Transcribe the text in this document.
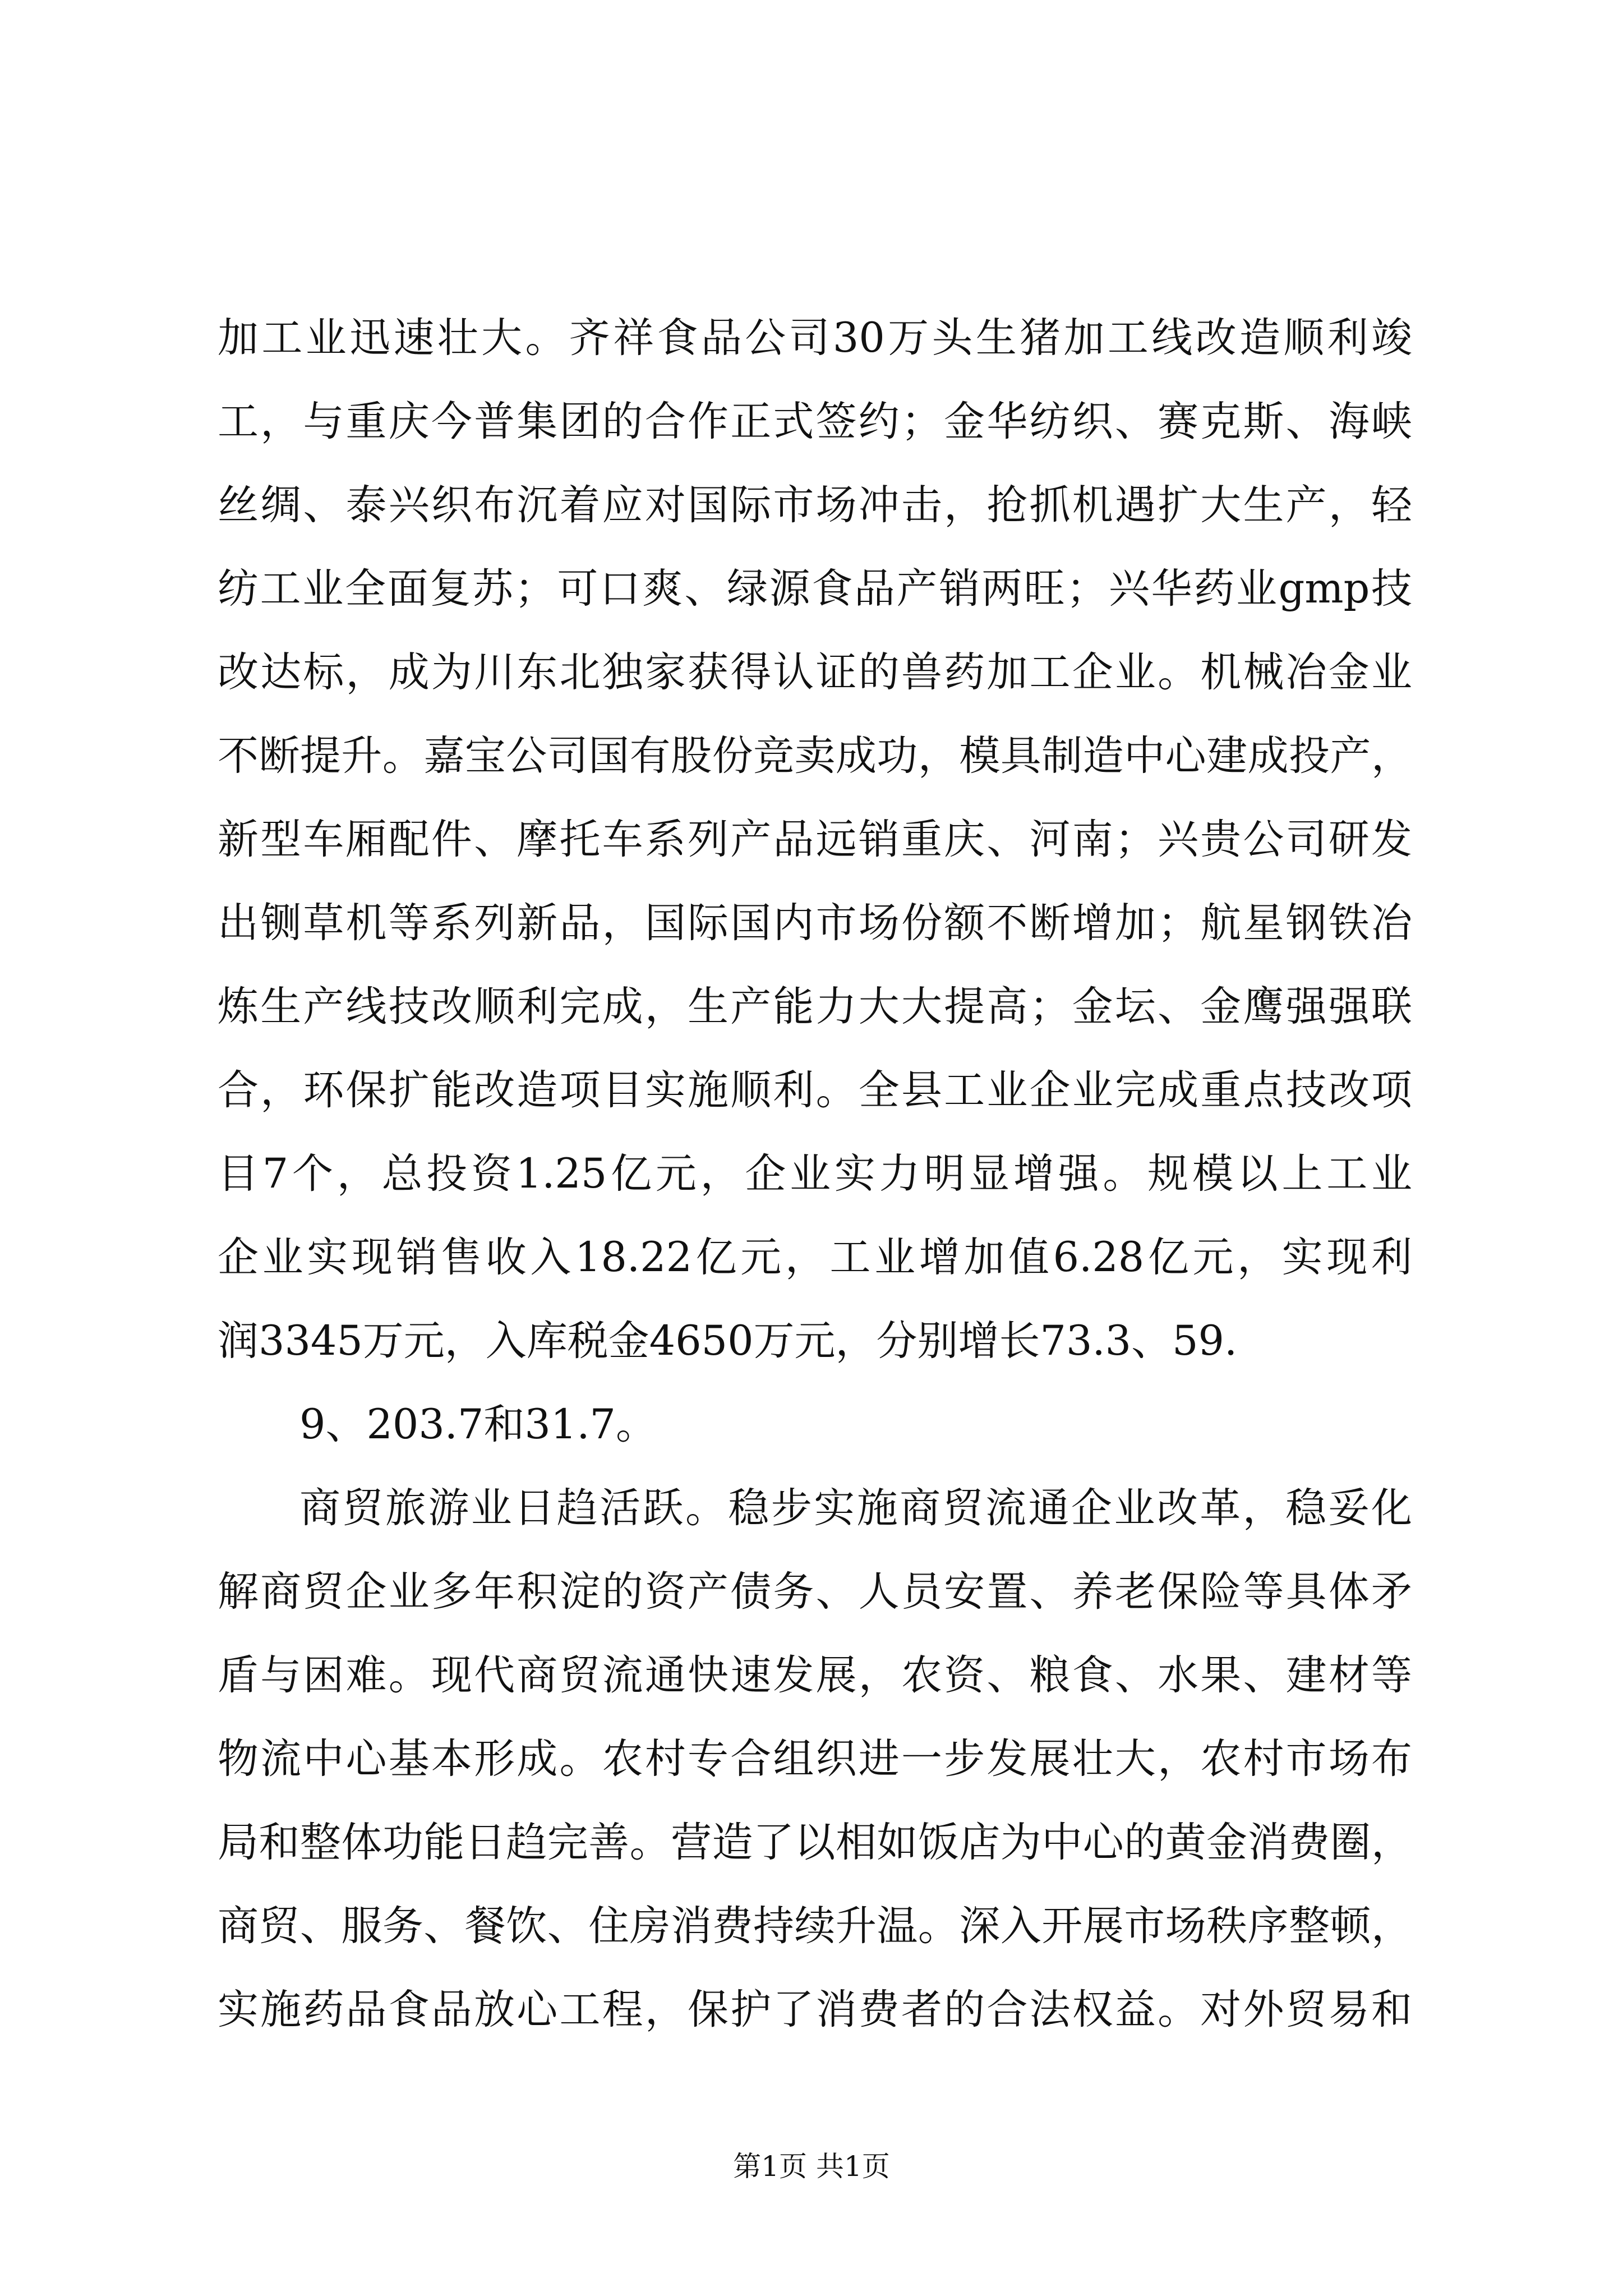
加工业迅速壮大。齐祥食品公司30万头生猪加工线改造顺利竣
工，与重庆今普集团的合作正式签约；金华纺织、赛克斯、海峡
丝绸、泰兴织布沉着应对国际市场冲击，抢抓机遇扩大生产，轻
纺工业全面复苏；可口爽、绿源食品产销两旺；兴华药业gmp技
改达标，成为川东北独家获得认证的兽药加工企业。机械冶金业
不断提升。嘉宝公司国有股份竞卖成功，模具制造中心建成投产，
新型车厢配件、摩托车系列产品远销重庆、河南；兴贵公司研发
出铡草机等系列新品，国际国内市场份额不断增加；航星钢铁冶
炼生产线技改顺利完成，生产能力大大提高；金坛、金鹰强强联
合，环保扩能改造项目实施顺利。全县工业企业完成重点技改项
目7个，总投资1.25亿元，企业实力明显增强。规模以上工业
企业实现销售收入18.22亿元，工业增加值6.28亿元，实现利
润3345万元，入库税金4650万元，分别增长73.3、59.
9、203.7和31.7。
商贸旅游业日趋活跃。稳步实施商贸流通企业改革，稳妥化
解商贸企业多年积淀的资产债务、人员安置、养老保险等具体矛
盾与困难。现代商贸流通快速发展，农资、粮食、水果、建材等
物流中心基本形成。农村专合组织进一步发展壮大，农村市场布
局和整体功能日趋完善。营造了以相如饭店为中心的黄金消费圈，
商贸、服务、餐饮、住房消费持续升温。深入开展市场秩序整顿，
实施药品食品放心工程，保护了消费者的合法权益。对外贸易和
第1页 共1页
